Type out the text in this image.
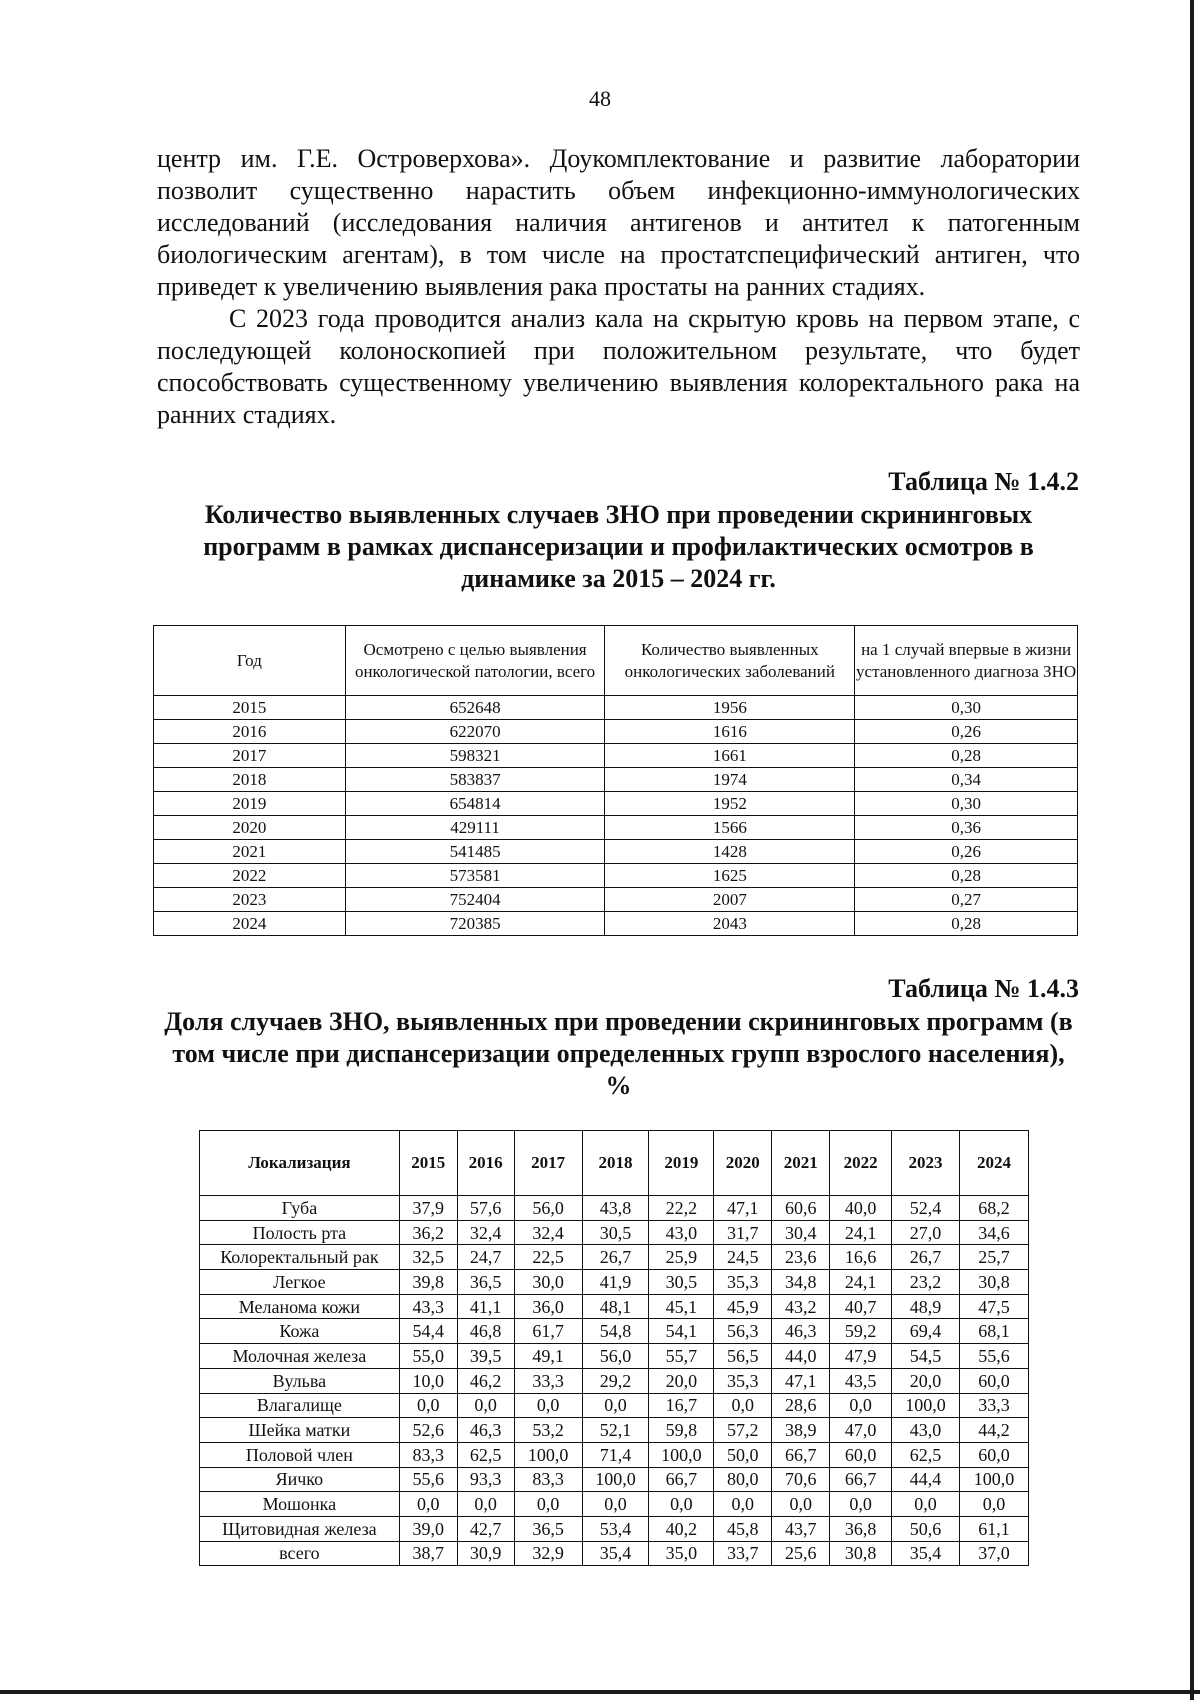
48

центр им. Г.Е. Островерхова». Доукомплектование и развитие лаборатории позволит существенно нарастить объем инфекционно-иммунологических исследований (исследования наличия антигенов и антител к патогенным биологическим агентам), в том числе на простатспецифический антиген, что приведет к увеличению выявления рака простаты на ранних стадиях.

С 2023 года проводится анализ кала на скрытую кровь на первом этапе, с последующей колоноскопией при положительном результате, что будет способствовать существенному увеличению выявления колоректального рака на ранних стадиях.

Таблица № 1.4.2
Количество выявленных случаев ЗНО при проведении скрининговых программ в рамках диспансеризации и профилактических осмотров в динамике за 2015 – 2024 гг.
Год	Осмотрено с целью выявления онкологической патологии, всего	Количество выявленных онкологических заболеваний	на 1 случай впервые в жизни установленного диагноза ЗНО
2015	652648	1956	0,30
2016	622070	1616	0,26
2017	598321	1661	0,28
2018	583837	1974	0,34
2019	654814	1952	0,30
2020	429111	1566	0,36
2021	541485	1428	0,26
2022	573581	1625	0,28
2023	752404	2007	0,27
2024	720385	2043	0,28
Таблица № 1.4.3
Доля случаев ЗНО, выявленных при проведении скрининговых программ (в том числе при диспансеризации определенных групп взрослого населения), %
Локализация	2015	2016	2017	2018	2019	2020	2021	2022	2023	2024
Губа	37,9	57,6	56,0	43,8	22,2	47,1	60,6	40,0	52,4	68,2
Полость рта	36,2	32,4	32,4	30,5	43,0	31,7	30,4	24,1	27,0	34,6
Колоректальный рак	32,5	24,7	22,5	26,7	25,9	24,5	23,6	16,6	26,7	25,7
Легкое	39,8	36,5	30,0	41,9	30,5	35,3	34,8	24,1	23,2	30,8
Меланома кожи	43,3	41,1	36,0	48,1	45,1	45,9	43,2	40,7	48,9	47,5
Кожа	54,4	46,8	61,7	54,8	54,1	56,3	46,3	59,2	69,4	68,1
Молочная железа	55,0	39,5	49,1	56,0	55,7	56,5	44,0	47,9	54,5	55,6
Вульва	10,0	46,2	33,3	29,2	20,0	35,3	47,1	43,5	20,0	60,0
Влагалище	0,0	0,0	0,0	0,0	16,7	0,0	28,6	0,0	100,0	33,3
Шейка матки	52,6	46,3	53,2	52,1	59,8	57,2	38,9	47,0	43,0	44,2
Половой член	83,3	62,5	100,0	71,4	100,0	50,0	66,7	60,0	62,5	60,0
Яичко	55,6	93,3	83,3	100,0	66,7	80,0	70,6	66,7	44,4	100,0
Мошонка	0,0	0,0	0,0	0,0	0,0	0,0	0,0	0,0	0,0	0,0
Щитовидная железа	39,0	42,7	36,5	53,4	40,2	45,8	43,7	36,8	50,6	61,1
всего	38,7	30,9	32,9	35,4	35,0	33,7	25,6	30,8	35,4	37,0
